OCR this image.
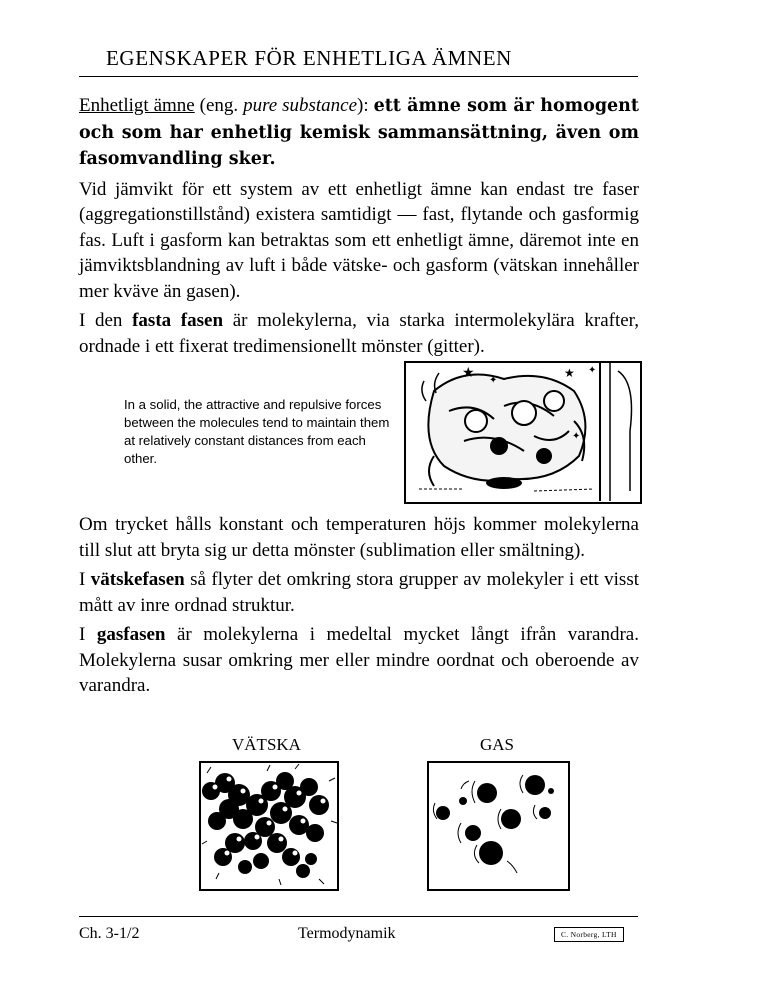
EGENSKAPER FÖR ENHETLIGA ÄMNEN

Enhetligt ämne (eng. pure substance): ett ämne som är homogent och som har enhetlig kemisk sammansättning, även om fasomvandling sker.

Vid jämvikt för ett system av ett enhetligt ämne kan endast tre faser (aggregationstillstånd) existera samtidigt — fast, flytande och gasformig fas. Luft i gasform kan betraktas som ett enhetligt ämne, däremot inte en jämviktsblandning av luft i både vätske- och gasform (vätskan innehåller mer kväve än gasen).

I den fasta fasen är molekylerna, via starka intermolekylära krafter, ordnade i ett fixerat tredimensionellt mönster (gitter).

In a solid, the attractive and repulsive forces between the molecules tend to maintain them at relatively constant distances from each other.
★ ✦
★ ✦
✦

Om trycket hålls konstant och temperaturen höjs kommer molekylerna till slut att bryta sig ur detta mönster (sublimation eller smältning).

I vätskefasen så flyter det omkring stora grupper av molekyler i ett visst mått av inre ordnad struktur.

I gasfasen är molekylerna i medeltal mycket långt ifrån varandra. Molekylerna susar omkring mer eller mindre oordnat och oberoende av varandra.

VÄTSKA	GAS
Ch. 3-1/2	Termodynamik	C. Norberg, LTH
